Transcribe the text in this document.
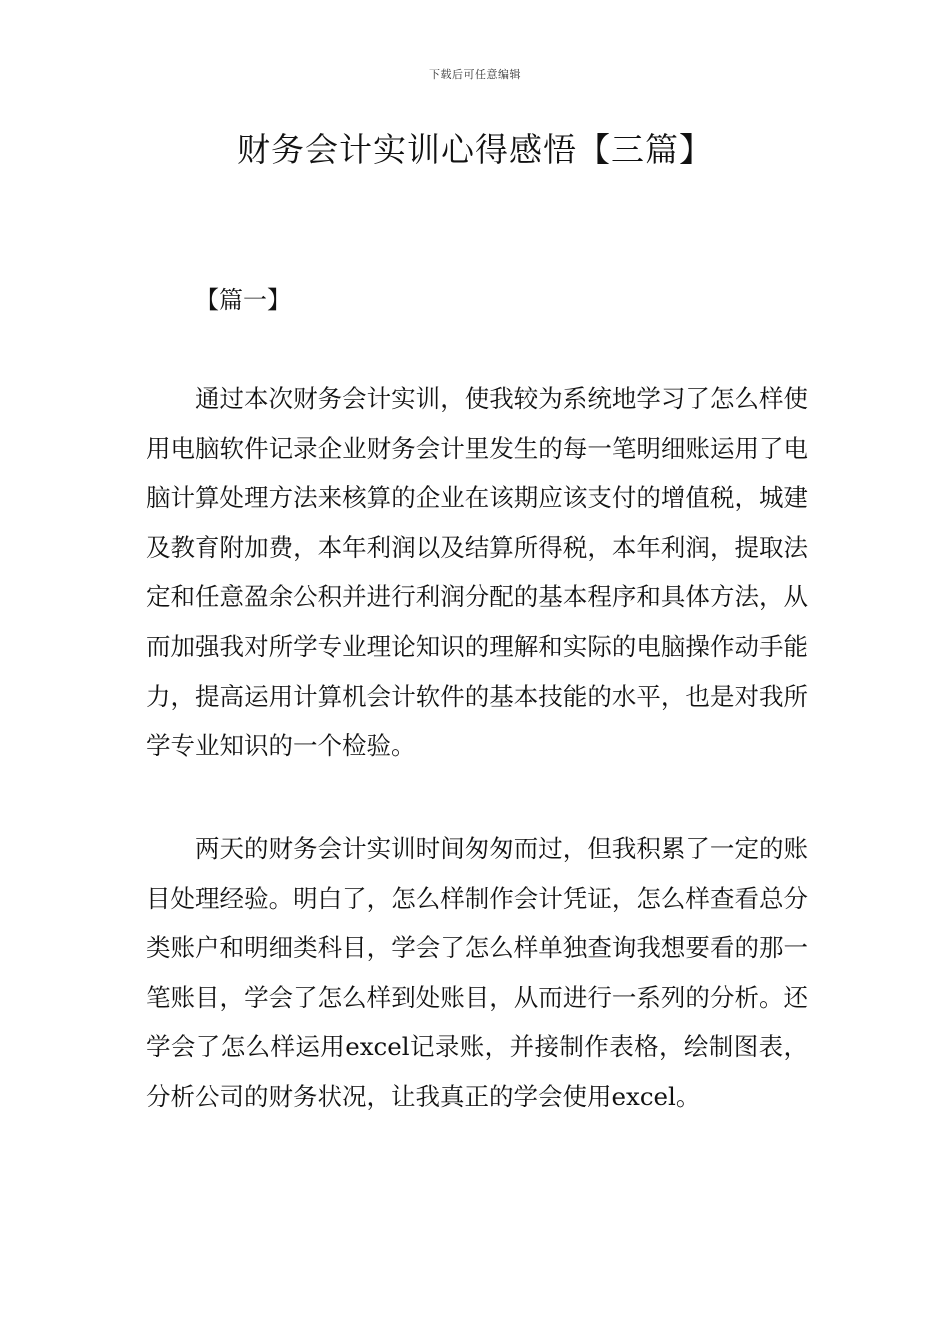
下载后可任意编辑
财务会计实训心得感悟【三篇】
【篇一】

通过本次财务会计实训，使我较为系统地学习了怎么样使用电脑软件记录企业财务会计里发生的每一笔明细账运用了电脑计算处理方法来核算的企业在该期应该支付的增值税，城建及教育附加费，本年利润以及结算所得税，本年利润，提取法定和任意盈余公积并进行利润分配的基本程序和具体方法，从而加强我对所学专业理论知识的理解和实际的电脑操作动手能力，提高运用计算机会计软件的基本技能的水平，也是对我所学专业知识的一个检验。

两天的财务会计实训时间匆匆而过，但我积累了一定的账目处理经验。明白了，怎么样制作会计凭证，怎么样查看总分类账户和明细类科目，学会了怎么样单独查询我想要看的那一笔账目，学会了怎么样到处账目，从而进行一系列的分析。还学会了怎么样运用excel记录账，并接制作表格，绘制图表，分析公司的财务状况，让我真正的学会使用excel。
